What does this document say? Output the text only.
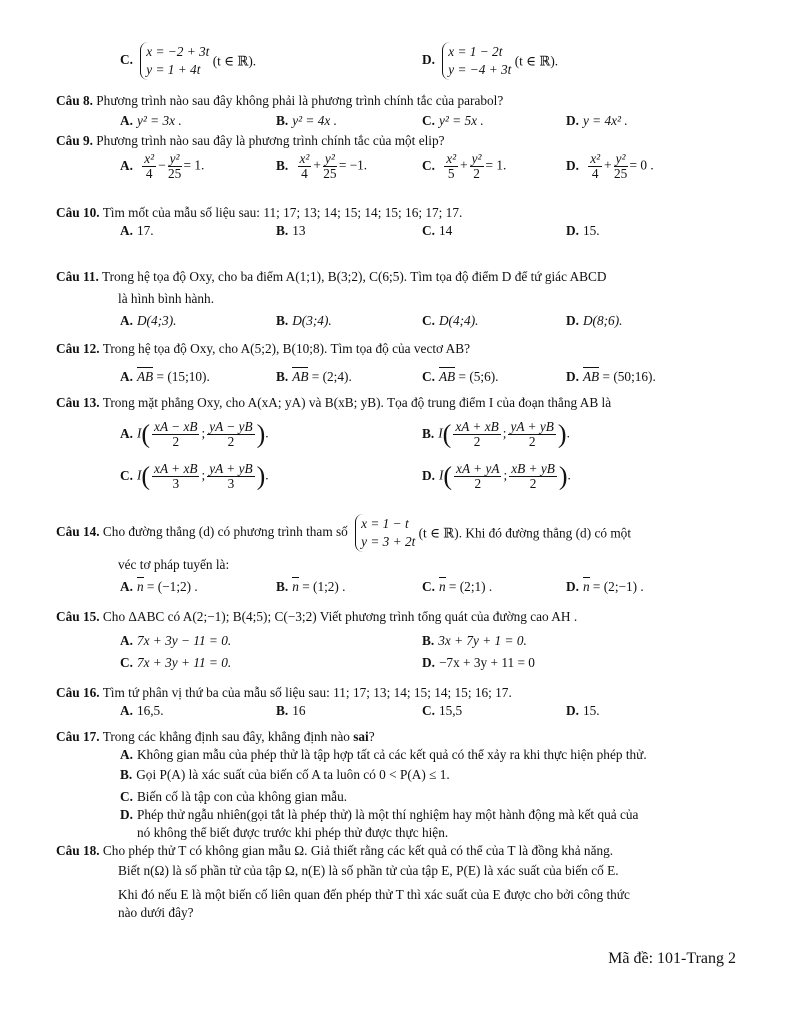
C.
x = −2 + 3t
y = 1 + 4t
(t ∈ ℝ).	D.
x = 1 − 2t
y = −4 + 3t
(t ∈ ℝ).
Câu 8. Phương trình nào sau đây không phải là phương trình chính tắc của parabol?
A. y² = 3x .	B. y² = 4x .	C. y² = 5x .	D. y = 4x² .
Câu 9. Phương trình nào sau đây là phương trình chính tắc của một elip?
A. $\frac{\text{x²}}{4} - \frac{\text{y²}}{25} = 1$.	B. $\frac{\text{x²}}{4} + \frac{\text{y²}}{25} = -1$.	C. $\frac{\text{x²}}{5} + \frac{\text{y²}}{2} = 1$.	D. $\frac{\text{x²}}{4} + \frac{\text{y²}}{25} = 0$ .
Câu 10. Tìm mốt của mẫu số liệu sau: 11; 17; 13; 14; 15; 14; 15; 16; 17; 17.
A. 17.	B. 13	C. 14	D. 15.
Câu 11. Trong hệ tọa độ Oxy, cho ba điểm A(1;1), B(3;2), C(6;5). Tìm tọa độ điểm D để tứ giác ABCD
là hình bình hành.
A. D(4;3).	B. D(3;4).	C. D(4;4).	D. D(8;6).
Câu 12. Trong hệ tọa độ Oxy, cho A(5;2), B(10;8). Tìm tọa độ của vectơ AB?
A. AB = (15;10).	B. AB = (2;4).	C. AB = (5;6).	D. AB = (50;16).
Câu 13. Trong mặt phẳng Oxy, cho A(xA; yA) và B(xB; yB). Tọa độ trung điểm I của đoạn thẳng AB là
A. $I( \frac{xA - xB}{2}$ ; $\frac{yA - yB}{2}$ ).	B. $I( \frac{xA + xB}{2}$ ; $\frac{yA + yB}{2}$ ).
C. $I( \frac{xA + xB}{3}$ ; $\frac{yA + yB}{3}$ ).	D. $I( \frac{xA + yA}{2}$ ; $\frac{xB + yB}{2}$ ).
Câu 14. Cho đường thẳng (d) có phương trình tham số
x = 1 − t
y = 3 + 2t
(t ∈ ℝ). Khi đó đường thẳng (d) có một
véc tơ pháp tuyến là:
A. n = (−1;2) .	B. n = (1;2) .	C. n = (2;1) .	D. n = (2;−1) .
Câu 15. Cho ΔABC có A(2;−1); B(4;5); C(−3;2) Viết phương trình tổng quát của đường cao AH .
A. 7x + 3y − 11 = 0.	B. 3x + 7y + 1 = 0.
C. 7x + 3y + 11 = 0.	D. −7x + 3y + 11 = 0
Câu 16. Tìm tứ phân vị thứ ba của mẫu số liệu sau: 11; 17; 13; 14; 15; 14; 15; 16; 17.
A. 16,5.	B. 16	C. 15,5	D. 15.
Câu 17. Trong các khẳng định sau đây, khẳng định nào sai?
A. Không gian mẫu của phép thử là tập hợp tất cả các kết quả có thể xảy ra khi thực hiện phép thử.
B. Gọi P(A) là xác suất của biến cố A ta luôn có 0 < P(A) ≤ 1.
C. Biến cố là tập con của không gian mẫu.
D. Phép thử ngẫu nhiên(gọi tắt là phép thử) là một thí nghiệm hay một hành động mà kết quả của
nó không thể biết được trước khi phép thử được thực hiện.
Câu 18. Cho phép thử T có không gian mẫu Ω. Giả thiết rằng các kết quả có thể của T là đồng khả năng.
Biết n(Ω) là số phần tử của tập Ω, n(E) là số phần tử của tập E, P(E) là xác suất của biến cố E.
Khi đó nếu E là một biến cố liên quan đến phép thử T thì xác suất của E được cho bởi công thức
nào dưới đây?
Mã đề: 101-Trang 2
